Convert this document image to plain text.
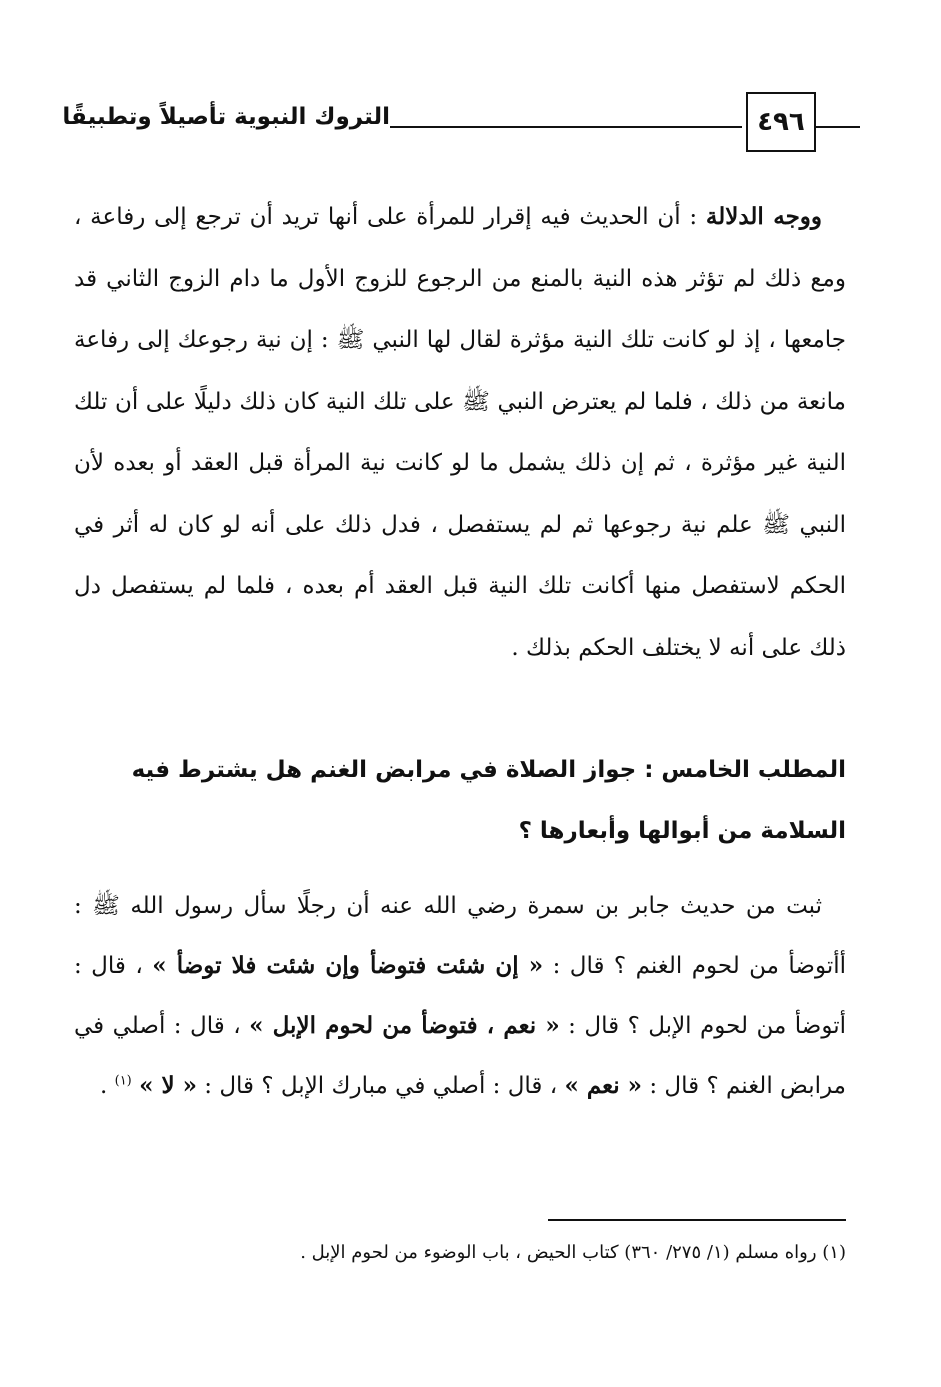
التروك النبوية تأصيلاً وتطبيقًا	٤٩٦
ووجه الدلالة : أن الحديث فيه إقرار للمرأة على أنها تريد أن ترجع إلى رفاعة ، ومع ذلك لم تؤثر هذه النية بالمنع من الرجوع للزوج الأول ما دام الزوج الثاني قد جامعها ، إذ لو كانت تلك النية مؤثرة لقال لها النبي ﷺ : إن نية رجوعك إلى رفاعة مانعة من ذلك ، فلما لم يعترض النبي ﷺ على تلك النية كان ذلك دليلًا على أن تلك النية غير مؤثرة ، ثم إن ذلك يشمل ما لو كانت نية المرأة قبل العقد أو بعده لأن النبي ﷺ علم نية رجوعها ثم لم يستفصل ، فدل ذلك على أنه لو كان له أثر في الحكم لاستفصل منها أكانت تلك النية قبل العقد أم بعده ، فلما لم يستفصل دل ذلك على أنه لا يختلف الحكم بذلك .
المطلب الخامس : جواز الصلاة في مرابض الغنم هل يشترط فيه السلامة من أبوالها وأبعارها ؟
ثبت من حديث جابر بن سمرة رضي الله عنه أن رجلًا سأل رسول الله ﷺ : أأتوضأ من لحوم الغنم ؟ قال : « إن شئت فتوضأ وإن شئت فلا توضأ » ، قال : أتوضأ من لحوم الإبل ؟ قال : « نعم ، فتوضأ من لحوم الإبل » ، قال : أصلي في مرابض الغنم ؟ قال : « نعم » ، قال : أصلي في مبارك الإبل ؟ قال : « لا » $^{(١)}$ .
(١) رواه مسلم (١/ ٢٧٥/ ٣٦٠) كتاب الحيض ، باب الوضوء من لحوم الإبل .
